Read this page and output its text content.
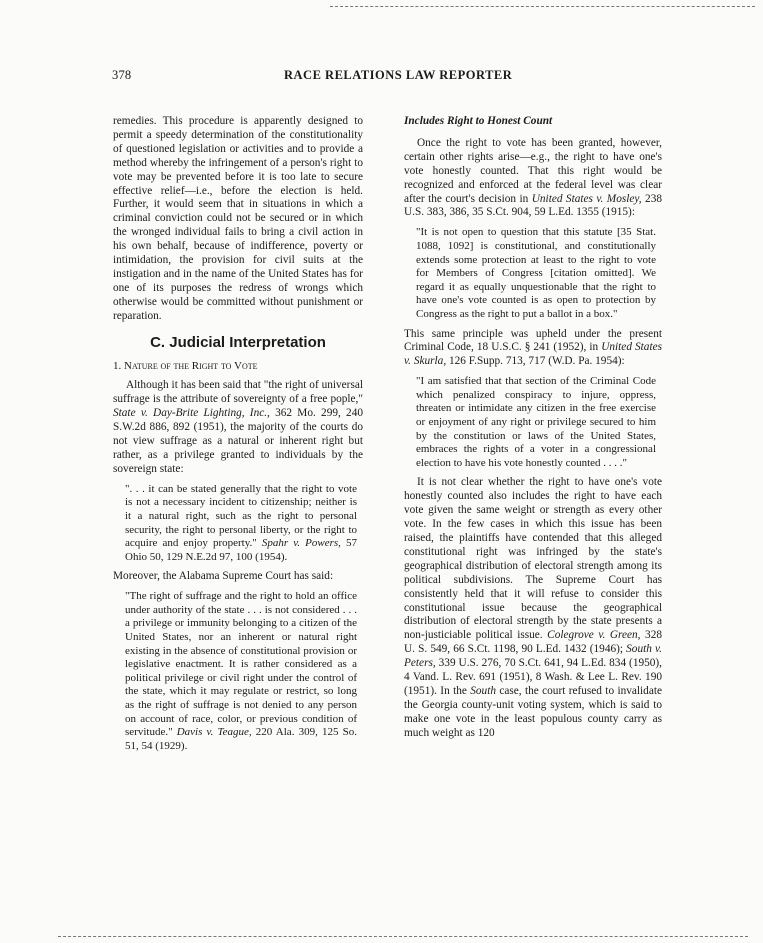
378	RACE RELATIONS LAW REPORTER

remedies. This procedure is apparently designed to permit a speedy determination of the constitutionality of questioned legislation or activities and to provide a method whereby the infringement of a person's right to vote may be prevented before it is too late to secure effective relief—i.e., before the election is held. Further, it would seem that in situations in which a criminal conviction could not be secured or in which the wronged individual fails to bring a civil action in his own behalf, because of indifference, poverty or intimidation, the provision for civil suits at the instigation and in the name of the United States has for one of its purposes the redress of wrongs which otherwise would be committed without punishment or reparation.

C. Judicial Interpretation
1. Nature of the Right to Vote

Although it has been said that "the right of universal suffrage is the attribute of sovereignty of a free pople," State v. Day-Brite Lighting, Inc., 362 Mo. 299, 240 S.W.2d 886, 892 (1951), the majority of the courts do not view suffrage as a natural or inherent right but rather, as a privilege granted to individuals by the sovereign state:

". . . it can be stated generally that the right to vote is not a necessary incident to citizenship; neither is it a natural right, such as the right to personal security, the right to personal liberty, or the right to acquire and enjoy property." Spahr v. Powers, 57 Ohio 50, 129 N.E.2d 97, 100 (1954).

Moreover, the Alabama Supreme Court has said:

"The right of suffrage and the right to hold an office under authority of the state . . . is not considered . . . a privilege or immunity belonging to a citizen of the United States, nor an inherent or natural right existing in the absence of constitutional provision or legislative enactment. It is rather considered as a political privilege or civil right under the control of the state, which it may regulate or restrict, so long as the right of suffrage is not denied to any person on account of race, color, or previous condition of servitude." Davis v. Teague, 220 Ala. 309, 125 So. 51, 54 (1929).
Includes Right to Honest Count

Once the right to vote has been granted, however, certain other rights arise—e.g., the right to have one's vote honestly counted. That this right would be recognized and enforced at the federal level was clear after the court's decision in United States v. Mosley, 238 U.S. 383, 386, 35 S.Ct. 904, 59 L.Ed. 1355 (1915):

"It is not open to question that this statute [35 Stat. 1088, 1092] is constitutional, and constitutionally extends some protection at least to the right to vote for Members of Congress [citation omitted]. We regard it as equally unquestionable that the right to have one's vote counted is as open to protection by Congress as the right to put a ballot in a box."

This same principle was upheld under the present Criminal Code, 18 U.S.C. § 241 (1952), in United States v. Skurla, 126 F.Supp. 713, 717 (W.D. Pa. 1954):

"I am satisfied that that section of the Criminal Code which penalized conspiracy to injure, oppress, threaten or intimidate any citizen in the free exercise or enjoyment of any right or privilege secured to him by the constitution or laws of the United States, embraces the rights of a voter in a congressional election to have his vote honestly counted . . . ."

It is not clear whether the right to have one's vote honestly counted also includes the right to have each vote given the same weight or strength as every other vote. In the few cases in which this issue has been raised, the plaintiffs have contended that this alleged constitutional right was infringed by the state's geographical distribution of electoral strength among its political subdivisions. The Supreme Court has consistently held that it will refuse to consider this constitutional issue because the geographical distribution of electoral strength by the state presents a non-justiciable political issue. Colegrove v. Green, 328 U. S. 549, 66 S.Ct. 1198, 90 L.Ed. 1432 (1946); South v. Peters, 339 U.S. 276, 70 S.Ct. 641, 94 L.Ed. 834 (1950), 4 Vand. L. Rev. 691 (1951), 8 Wash. & Lee L. Rev. 190 (1951). In the South case, the court refused to invalidate the Georgia county-unit voting system, which is said to make one vote in the least populous county carry as much weight as 120
